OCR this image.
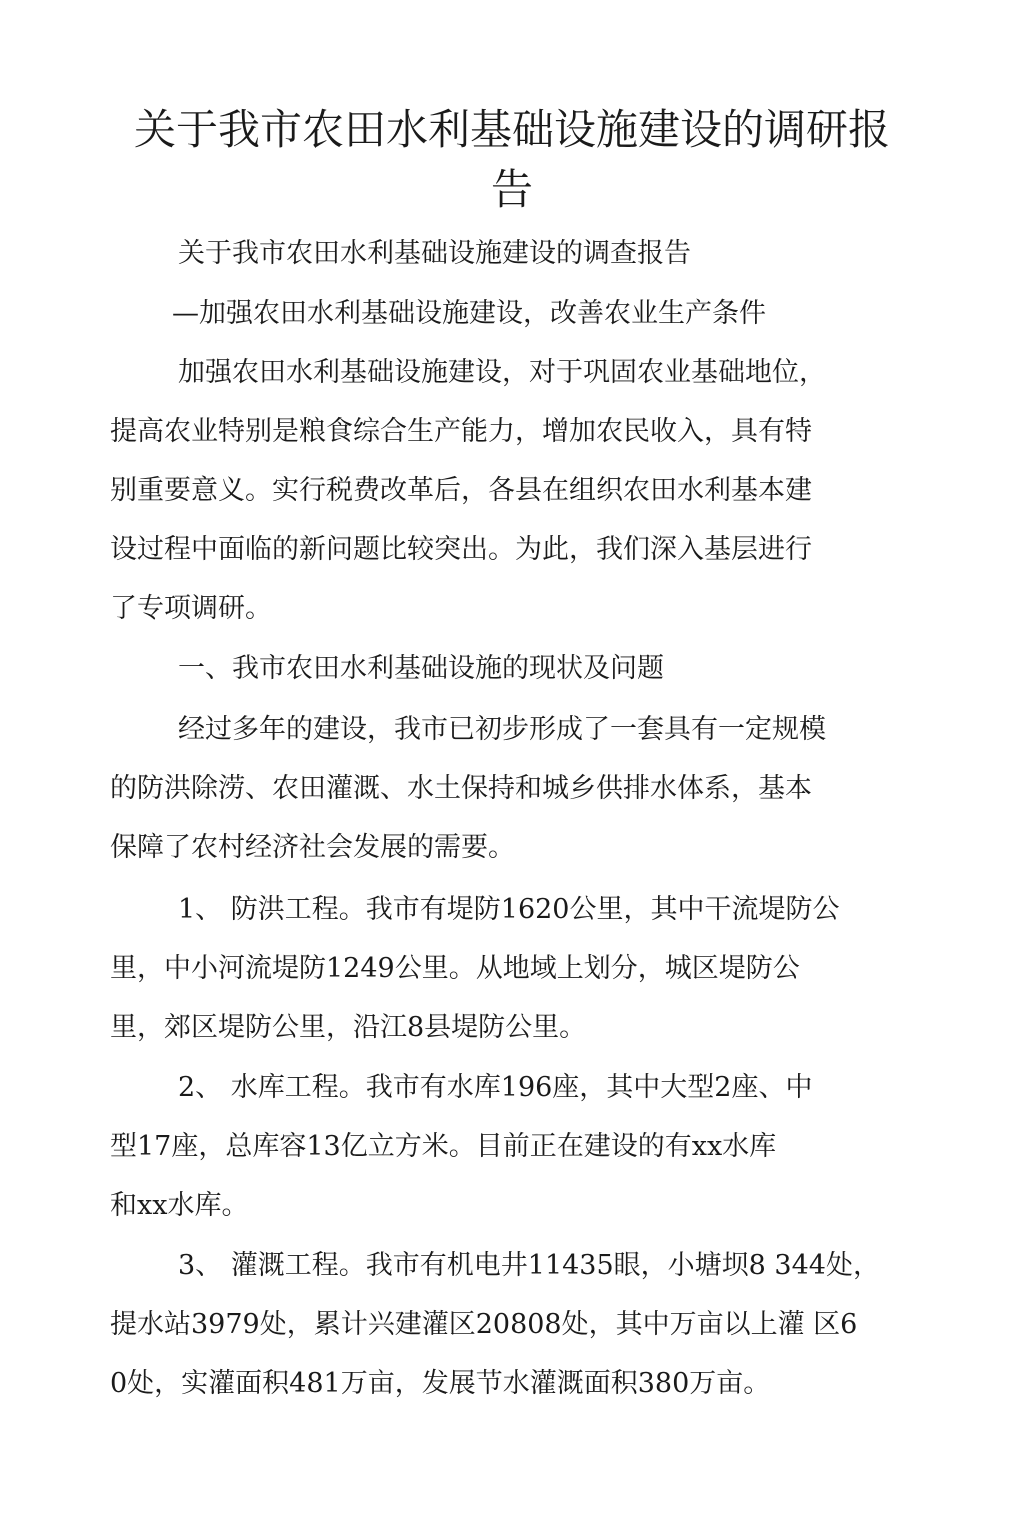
关于我市农田水利基础设施建设的调研报
告

关于我市农田水利基础设施建设的调查报告

—加强农田水利基础设施建设，改善农业生产条件

加强农田水利基础设施建设，对于巩固农业基础地位，

提高农业特别是粮食综合生产能力，增加农民收入，具有特

别重要意义。实行税费改革后，各县在组织农田水利基本建

设过程中面临的新问题比较突出。为此，我们深入基层进行

了专项调研。

一、我市农田水利基础设施的现状及问题

经过多年的建设，我市已初步形成了一套具有一定规模

的防洪除涝、农田灌溉、水土保持和城乡供排水体系，基本

保障了农村经济社会发展的需要。

1、 防洪工程。我市有堤防1620公里，其中干流堤防公

里，中小河流堤防1249公里。从地域上划分，城区堤防公

里，郊区堤防公里，沿江8县堤防公里。

2、 水库工程。我市有水库196座，其中大型2座、中

型17座，总库容13亿立方米。目前正在建设的有xx水库

和xx水库。

3、 灌溉工程。我市有机电井11435眼，小塘坝8 344处，

提水站3979处，累计兴建灌区20808处，其中万亩以上灌 区6

0处，实灌面积481万亩，发展节水灌溉面积380万亩。
